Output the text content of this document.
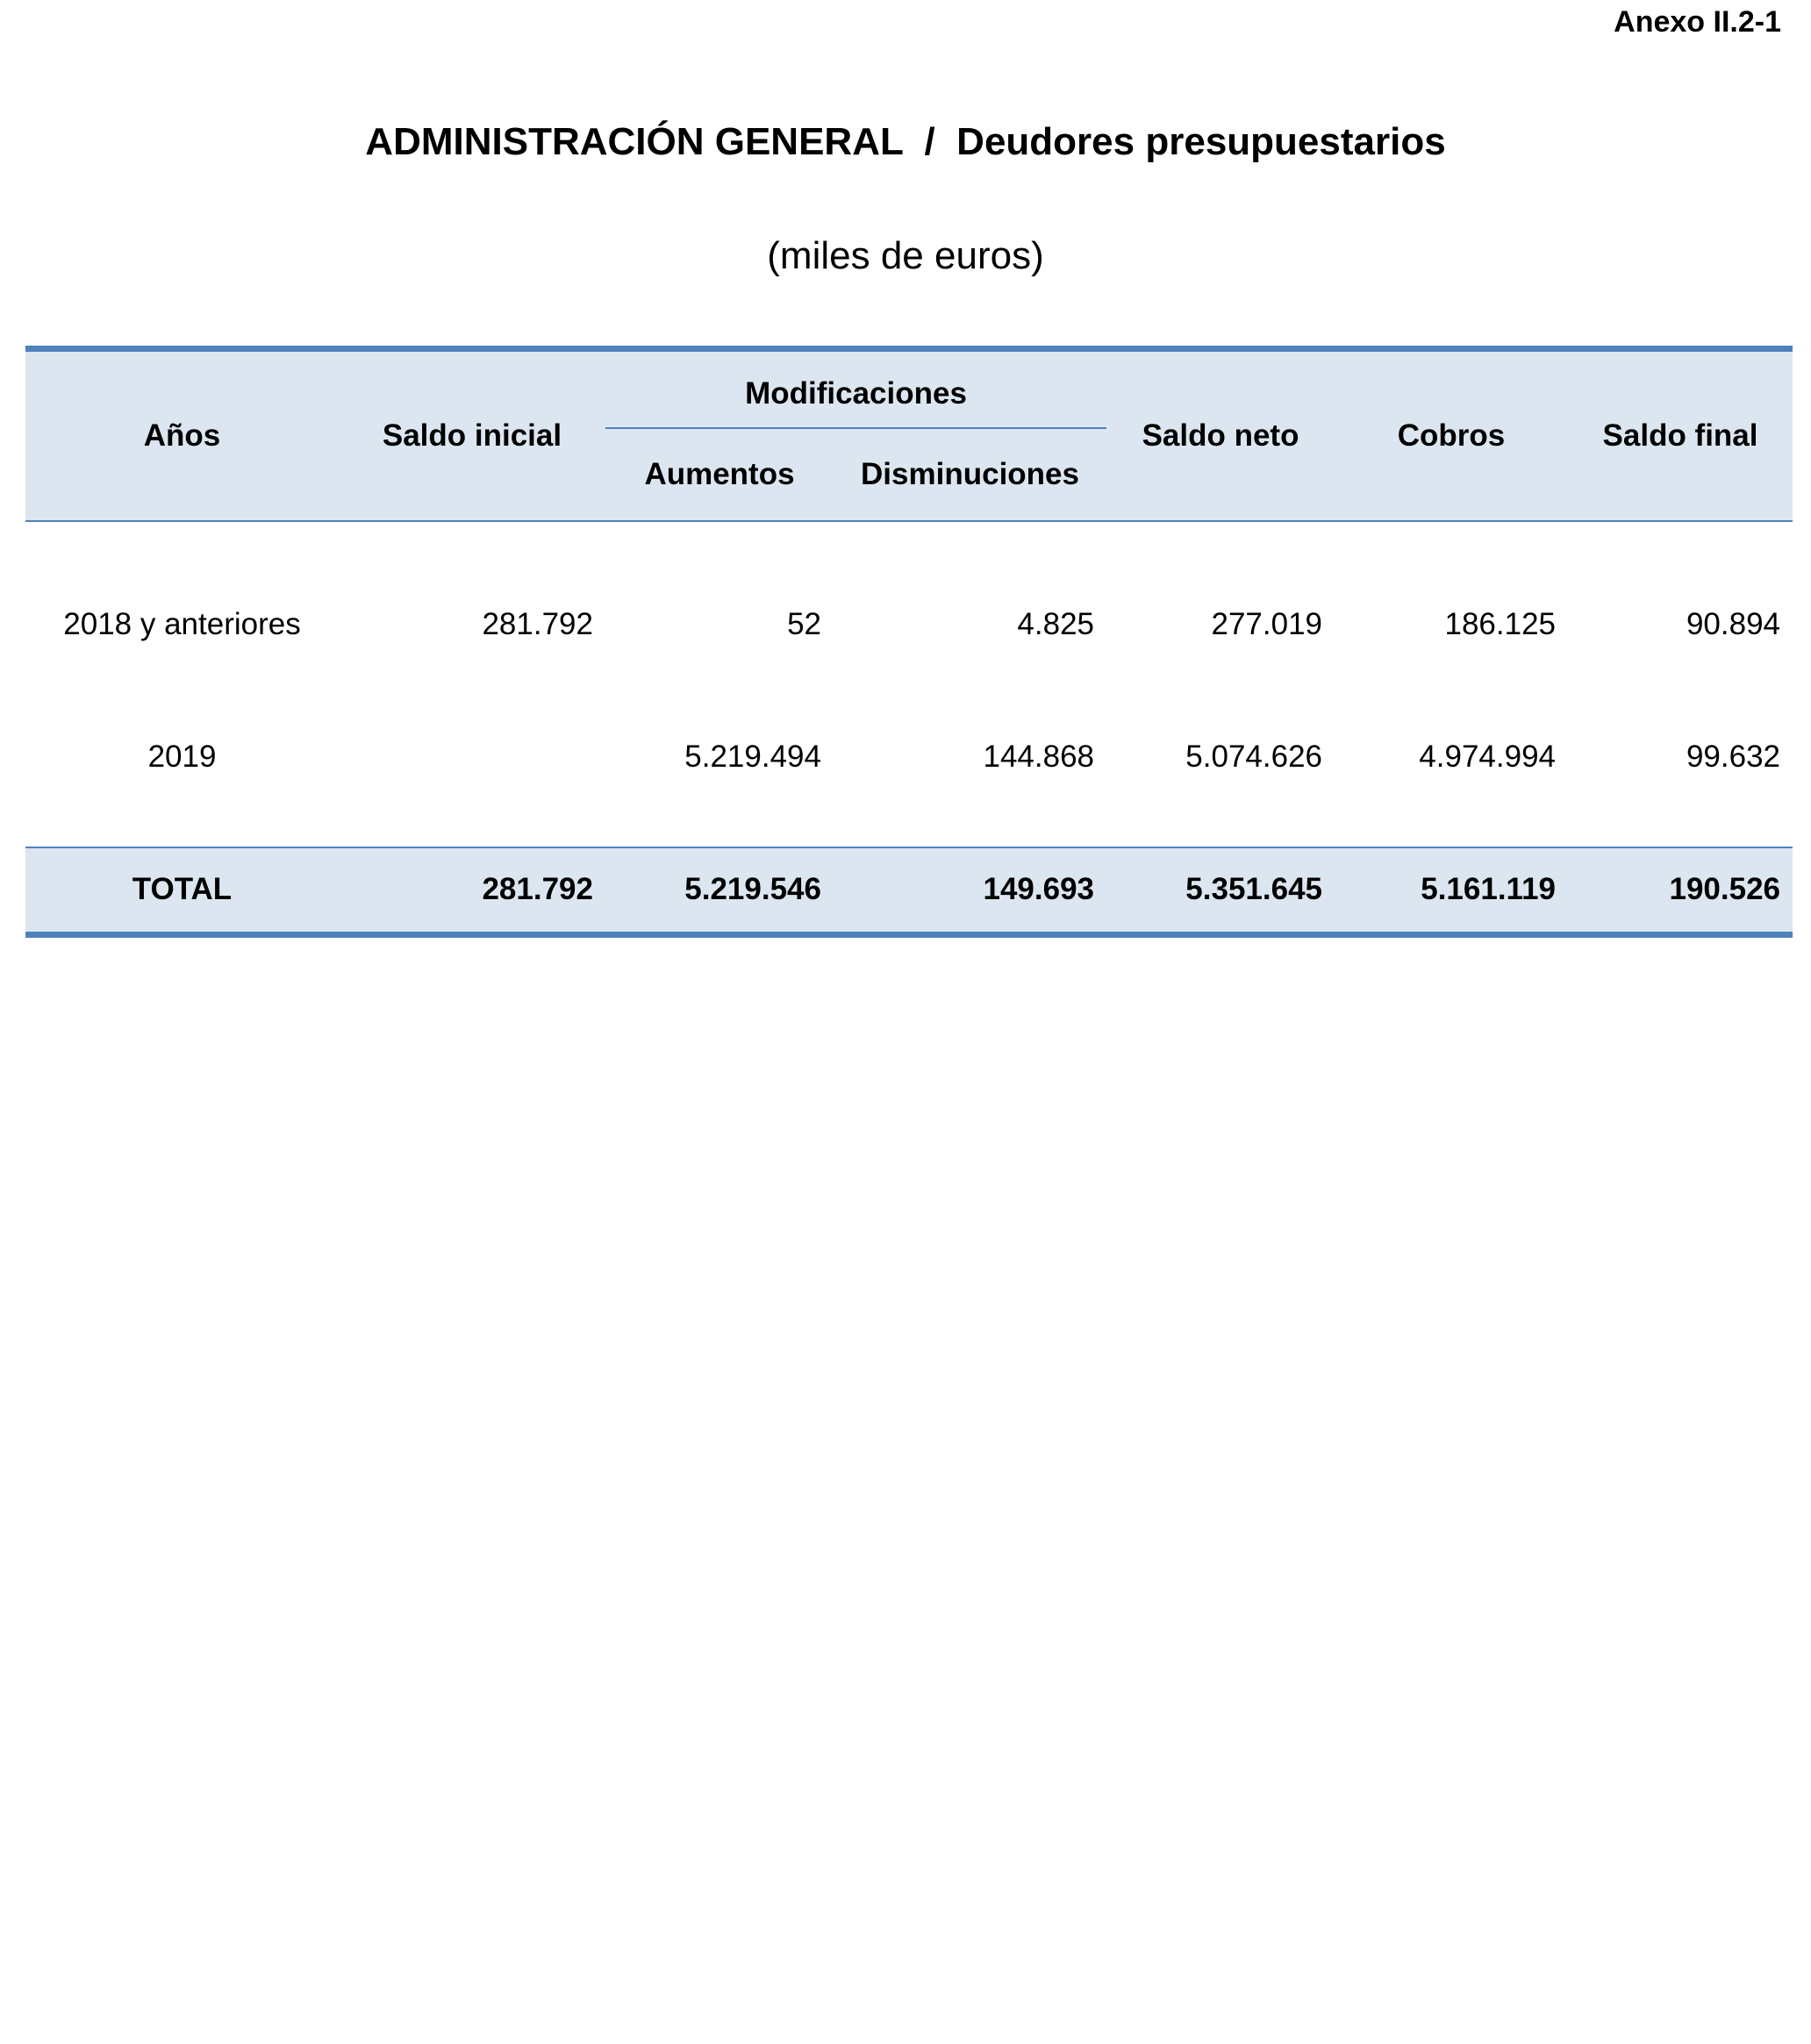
Anexo II.2-1
ADMINISTRACIÓN GENERAL  /  Deudores presupuestarios
(miles de euros)
Años	Saldo inicial	Modificaciones		Saldo neto	Cobros	Saldo final
		Aumentos	Disminuciones			

2018 y anteriores	281.792	52	4.825	277.019	186.125	90.894
2019		5.219.494	144.868	5.074.626	4.974.994	99.632

TOTAL	281.792	5.219.546	149.693	5.351.645	5.161.119	190.526
